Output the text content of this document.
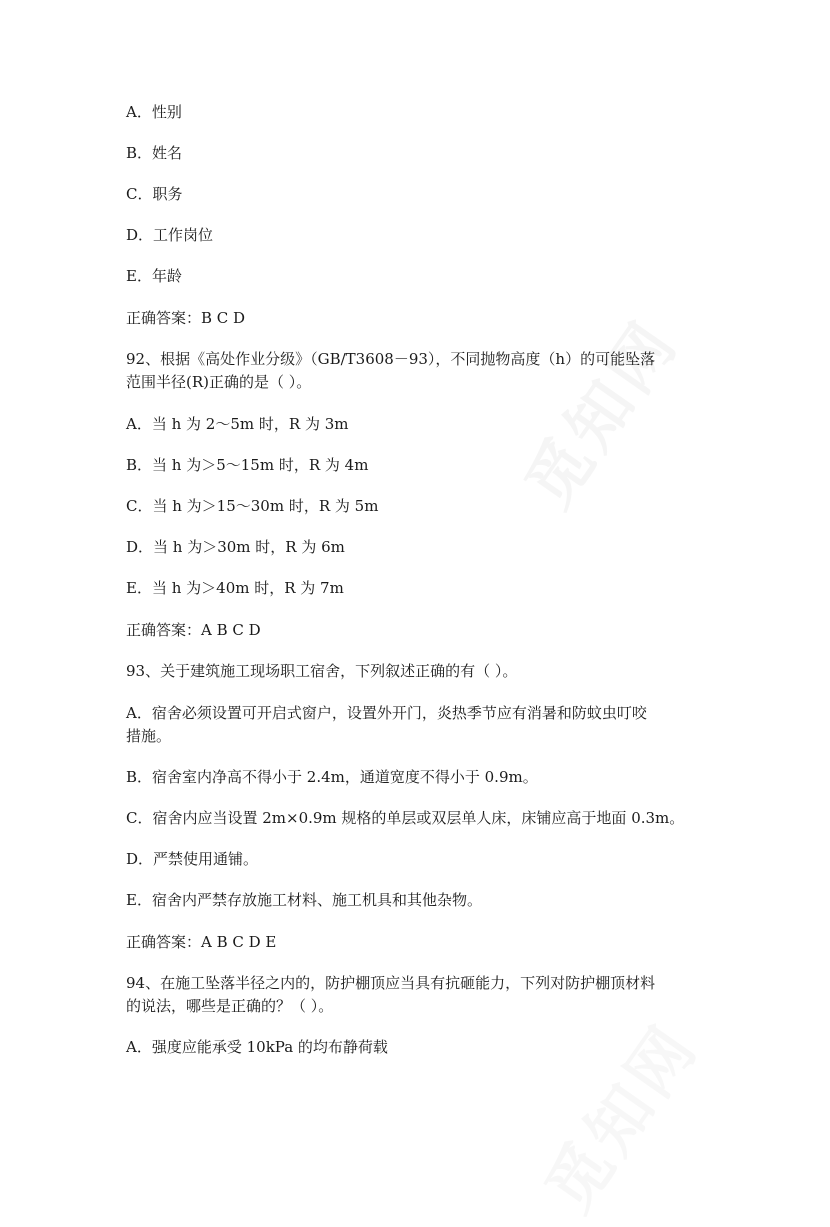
觅知网
觅知网
A．性别
B．姓名
C．职务
D．工作岗位
E．年龄
正确答案：B C D
92、根据《高处作业分级》（GB/T3608－93），不同抛物高度（h）的可能坠落
范围半径(R)正确的是（ ）。
A．当 h 为 2～5m 时，R 为 3m
B．当 h 为＞5～15m 时，R 为 4m
C．当 h 为＞15～30m 时，R 为 5m
D．当 h 为＞30m 时，R 为 6m
E．当 h 为＞40m 时，R 为 7m
正确答案：A B C D
93、关于建筑施工现场职工宿舍，下列叙述正确的有（ ）。
A．宿舍必须设置可开启式窗户，设置外开门，炎热季节应有消暑和防蚊虫叮咬
措施。
B．宿舍室内净高不得小于 2.4m，通道宽度不得小于 0.9m。
C．宿舍内应当设置 2m×0.9m 规格的单层或双层单人床，床铺应高于地面 0.3m。
D．严禁使用通铺。
E．宿舍内严禁存放施工材料、施工机具和其他杂物。
正确答案：A B C D E
94、在施工坠落半径之内的，防护棚顶应当具有抗砸能力，下列对防护棚顶材料
的说法，哪些是正确的？（ ）。
A．强度应能承受 10kPa 的均布静荷载
